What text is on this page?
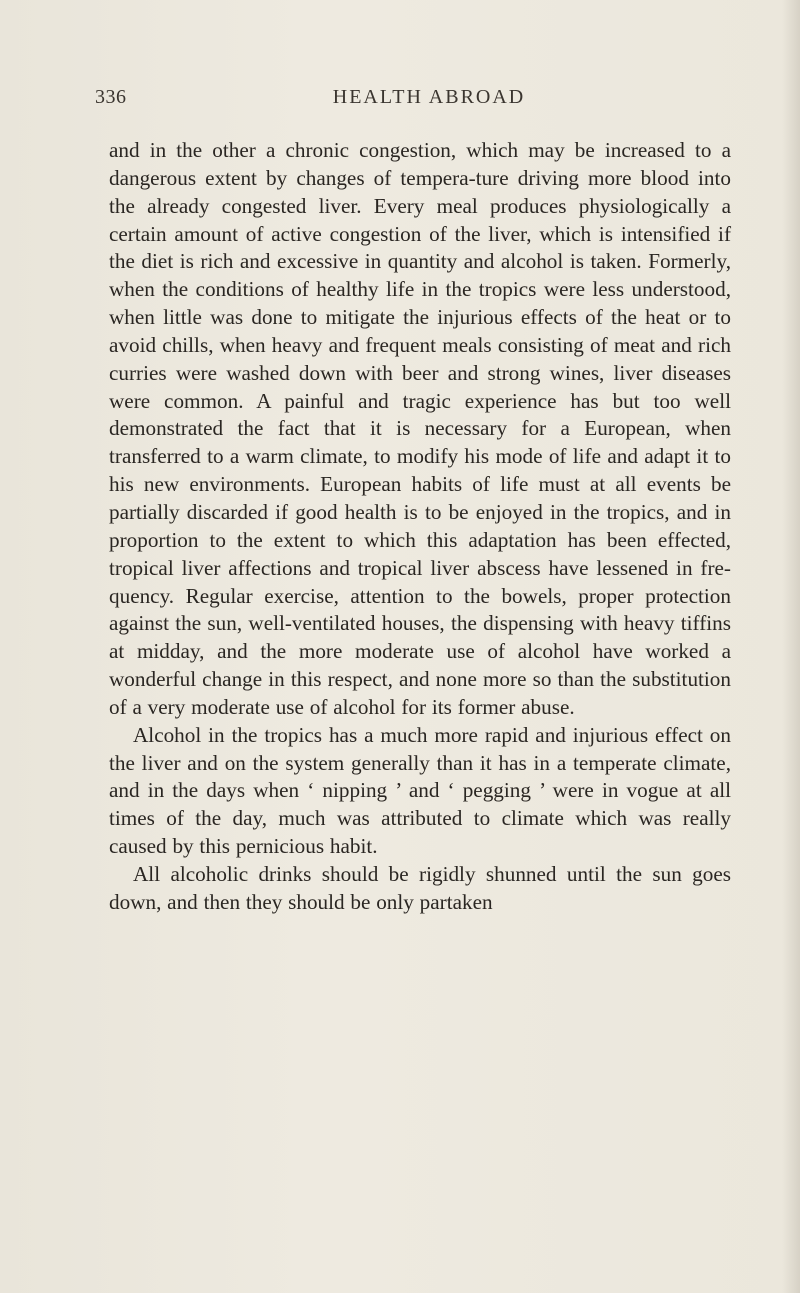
336	HEALTH ABROAD

and in the other a chronic congestion, which may be increased to a dangerous extent by changes of tempera-ture driving more blood into the already congested liver. Every meal produces physiologically a certain amount of active congestion of the liver, which is intensified if the diet is rich and excessive in quantity and alcohol is taken. Formerly, when the conditions of healthy life in the tropics were less understood, when little was done to mitigate the injurious effects of the heat or to avoid chills, when heavy and frequent meals consisting of meat and rich curries were washed down with beer and strong wines, liver diseases were common. A painful and tragic experience has but too well demonstrated the fact that it is necessary for a European, when transferred to a warm climate, to modify his mode of life and adapt it to his new environments. European habits of life must at all events be partially discarded if good health is to be enjoyed in the tropics, and in proportion to the extent to which this adaptation has been effected, tropical liver affections and tropical liver abscess have lessened in fre-quency. Regular exercise, attention to the bowels, proper protection against the sun, well-ventilated houses, the dispensing with heavy tiffins at midday, and the more moderate use of alcohol have worked a wonderful change in this respect, and none more so than the substitution of a very moderate use of alcohol for its former abuse.

Alcohol in the tropics has a much more rapid and injurious effect on the liver and on the system generally than it has in a temperate climate, and in the days when ‘ nipping ’ and ‘ pegging ’ were in vogue at all times of the day, much was attributed to climate which was really caused by this pernicious habit.

All alcoholic drinks should be rigidly shunned until the sun goes down, and then they should be only partaken
